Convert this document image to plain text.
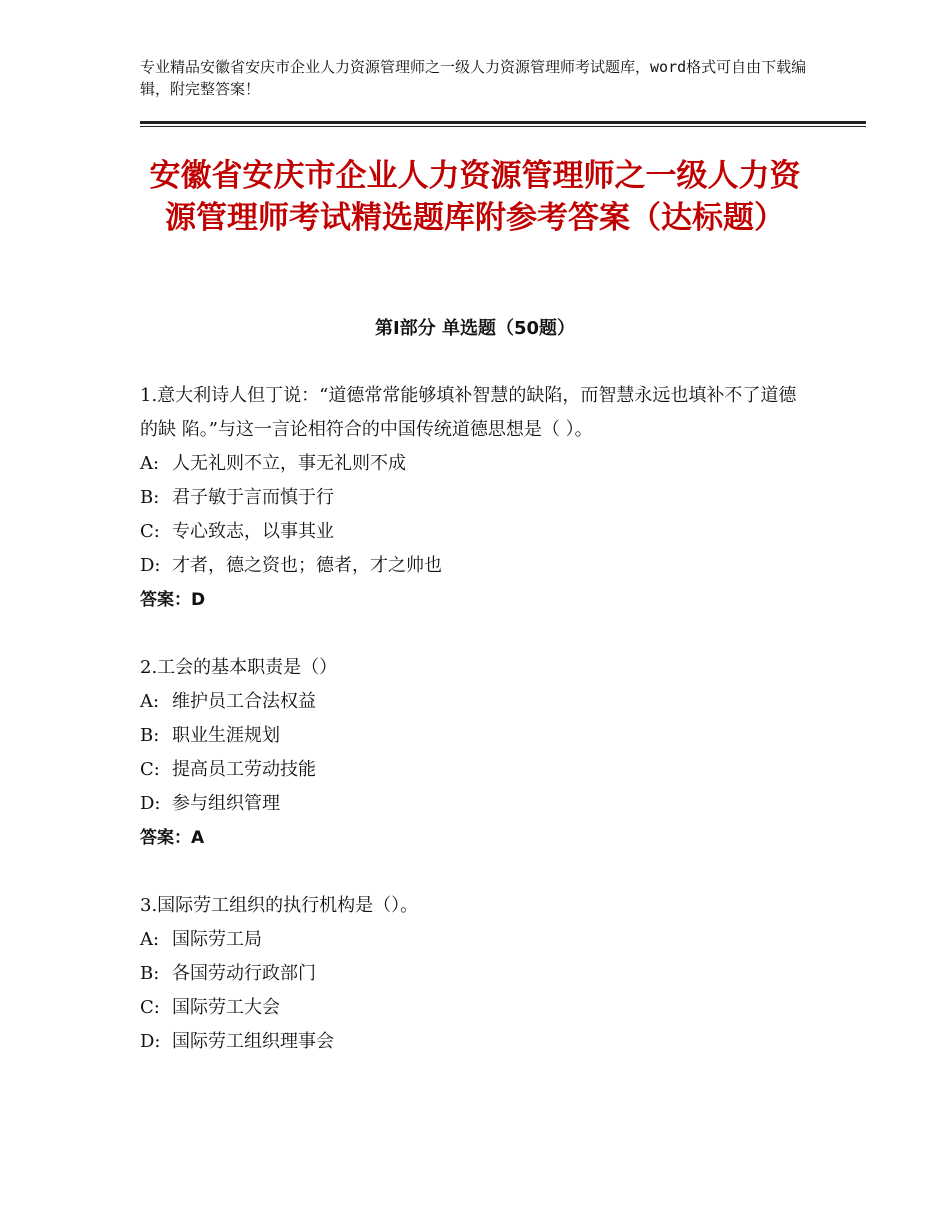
专业精品安徽省安庆市企业人力资源管理师之一级人力资源管理师考试题库，word格式可自由下载编辑，附完整答案！
安徽省安庆市企业人力资源管理师之一级人力资源管理师考试精选题库附参考答案（达标题）
第Ⅰ部分 单选题（50题）

1.意大利诗人但丁说：“道德常常能够填补智慧的缺陷，而智慧永远也填补不了道德的缺 陷。”与这一言论相符合的中国传统道德思想是（ ）。

A: 人无礼则不立，事无礼则不成

B: 君子敏于言而慎于行

C: 专心致志，以事其业

D: 才者，德之资也；德者，才之帅也

答案：D

2.工会的基本职责是（）

A: 维护员工合法权益

B: 职业生涯规划

C: 提高员工劳动技能

D: 参与组织管理

答案：A

3.国际劳工组织的执行机构是（）。

A: 国际劳工局

B: 各国劳动行政部门

C: 国际劳工大会

D: 国际劳工组织理事会
